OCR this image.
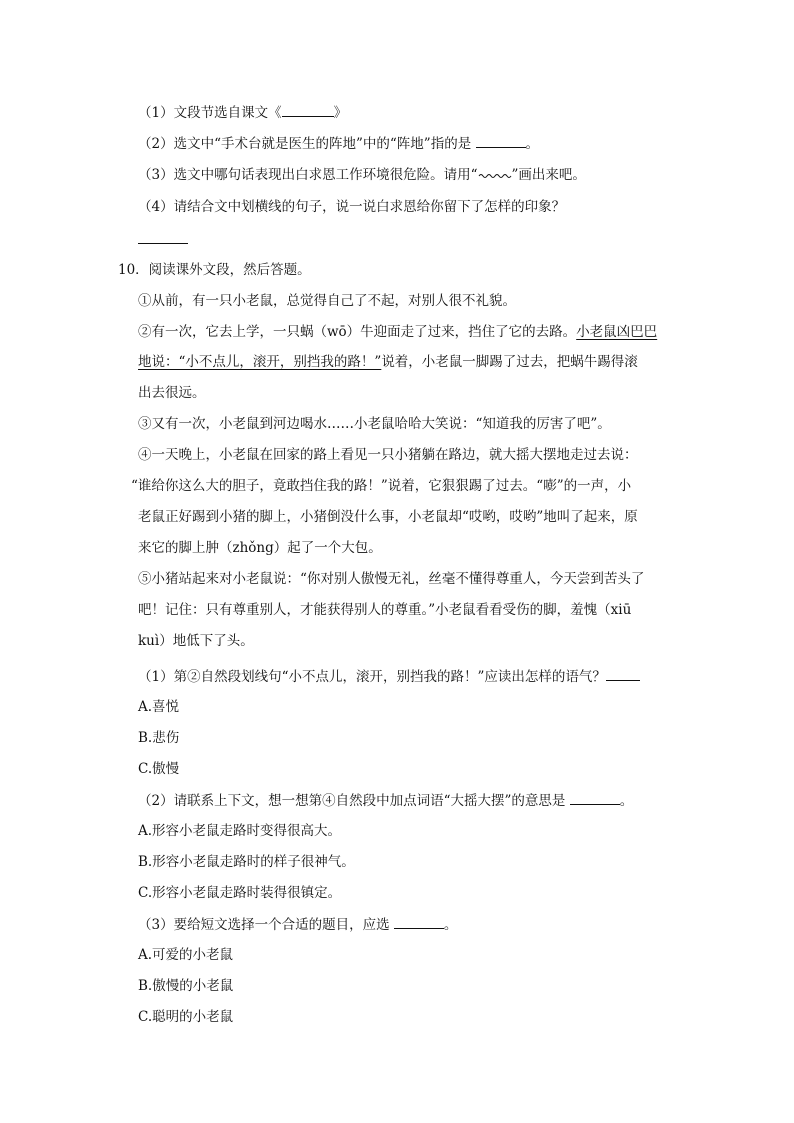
（1）文段节选自课文《	》
（2）选文中“手术台就是医生的阵地”中的“阵地”指的是	。
（3）选文中哪句话表现出白求恩工作环境很危险。请用“	”画出来吧。
（4）请结合文中划横线的句子，说一说白求恩给你留下了怎样的印象？
10．阅读课外文段，然后答题。
①从前，有一只小老鼠，总觉得自己了不起，对别人很不礼貌。
②有一次，它去上学，一只蜗（wō）牛迎面走了过来，挡住了它的去路。小老鼠凶巴巴
地说：“小不点儿，滚开，别挡我的路！”说着，小老鼠一脚踢了过去，把蜗牛踢得滚
出去很远。
③又有一次，小老鼠到河边喝水……小老鼠哈哈大笑说：“知道我的厉害了吧”。
④一天晚上，小老鼠在回家的路上看见一只小猪躺在路边，就大摇大摆地走过去说：
“谁给你这么大的胆子，竟敢挡住我的路！”说着，它狠狠踢了过去。“嘭”的一声，小
老鼠正好踢到小猪的脚上，小猪倒没什么事，小老鼠却“哎哟，哎哟”地叫了起来，原
来它的脚上肿（zhǒng）起了一个大包。
⑤小猪站起来对小老鼠说：“你对别人傲慢无礼，丝毫不懂得尊重人，今天尝到苦头了
吧！记住：只有尊重别人，才能获得别人的尊重。”小老鼠看看受伤的脚，羞愧（xiū
kuì）地低下了头。
（1）第②自然段划线句“小不点儿，滚开，别挡我的路！”应读出怎样的语气？
A.喜悦
B.悲伤
C.傲慢
（2）请联系上下文，想一想第④自然段中加点词语“大摇大摆”的意思是	。
A.形容小老鼠走路时变得很高大。
B.形容小老鼠走路时的样子很神气。
C.形容小老鼠走路时装得很镇定。
（3）要给短文选择一个合适的题目，应选	。
A.可爱的小老鼠
B.傲慢的小老鼠
C.聪明的小老鼠
